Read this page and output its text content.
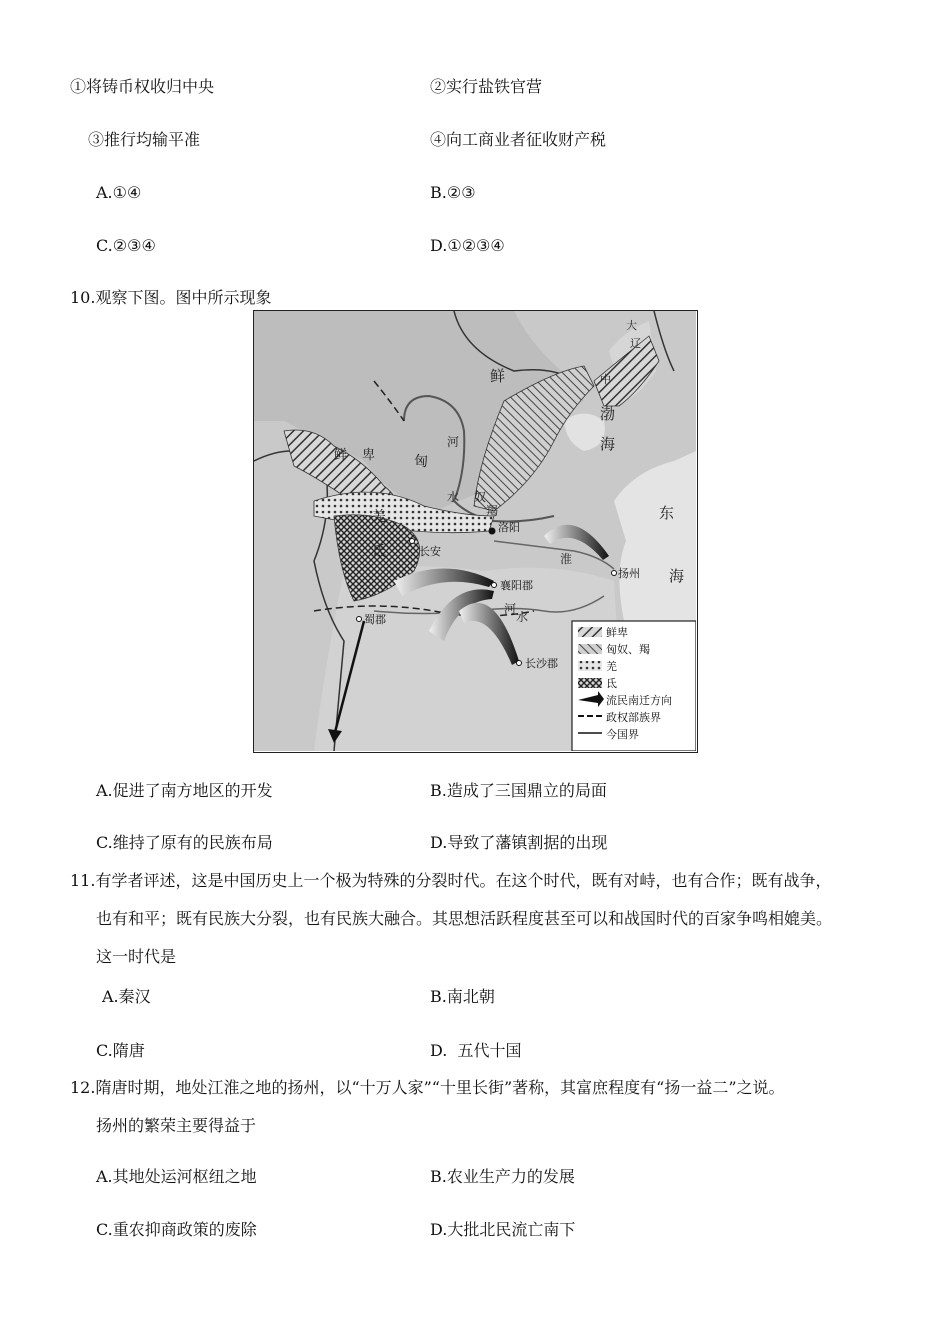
①将铸币权收归中央	②实行盐铁官营
③推行均输平准	④向工商业者征收财产税
A.①④	B.②③
C.②③④	D.①②③④
10.观察下图。图中所示现象
鲜
鲜 卑	匈
奴
羯
羌
氐
河
水
河
淮
水
渤
海
东
海
大
辽
中
洛阳
长安
襄阳郡
蜀郡
长沙郡
扬州
鲜卑
匈奴、羯
羌
氐
流民南迁方向
政权部族界
今国界
A.促进了南方地区的开发	B.造成了三国鼎立的局面
C.维持了原有的民族布局	D.导致了藩镇割据的出现
11.有学者评述，这是中国历史上一个极为特殊的分裂时代。在这个时代，既有对峙，也有合作；既有战争，
也有和平；既有民族大分裂，也有民族大融合。其思想活跃程度甚至可以和战国时代的百家争鸣相媲美。
这一时代是
A.秦汉	B.南北朝
C.隋唐	D.  五代十国
12.隋唐时期，地处江淮之地的扬州，以“十万人家”“十里长街”著称，其富庶程度有“扬一益二”之说。
扬州的繁荣主要得益于
A.其地处运河枢纽之地	B.农业生产力的发展
C.重农抑商政策的废除	D.大批北民流亡南下
